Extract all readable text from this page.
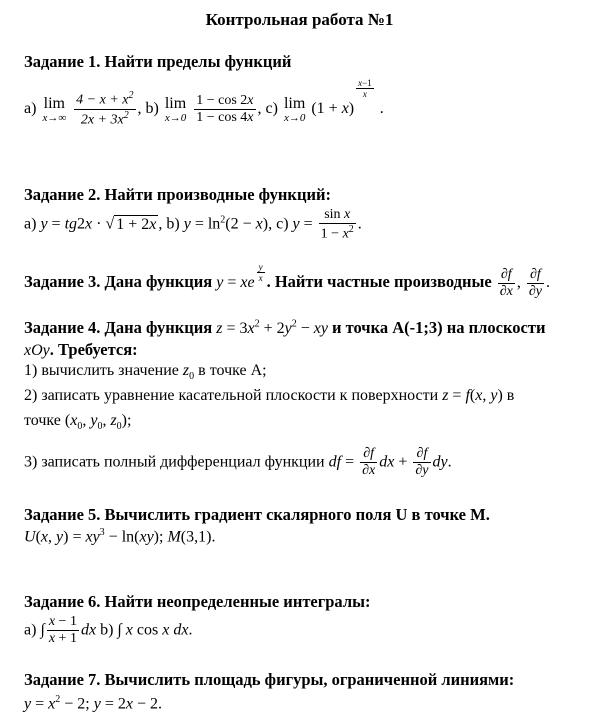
Контрольная работа №1
Задание 1. Найти пределы функций
a) lim
x→∞
$\frac{4 - x + x^2}{2x + 3x^2}$ , b) lim
x→0
$\frac{1 - \cos 2x}{1 - \cos 4x}$ , c) lim
x→0
(1 + x)
$^{\frac{x-1}{x}}$
.
Задание 2. Найти производные функций:
a) y = tg2x · √ 1 + 2x , b) $y = \ln^2(2 - x)$, c) $y = \frac{\text{sin x}}{1 - x^2}$ .
Задание 3. Дана функция y = xe $^{\frac{y}{x}}$ . Найти частные производные $\frac{\partial f}{\partial x}$ , $\frac{\partial f}{\partial y}$ .
Задание 4. Дана функция $z = 3x^2 + 2y^2$ − xy и точка A(-1;3) на плоскости
xOy. Требуется:
1) вычислить значение $z_0$ в точке A;
2) записать уравнение касательной плоскости к поверхности z = f(x, y) в
точке ($x_0$, $y_0$, $z_0$);
3) записать полный дифференциал функции df = $\frac{\partial f}{\partial x}$ dx + $\frac{\partial f}{\partial y}$ dy.
Задание 5. Вычислить градиент скалярного поля U в точке M.
U(x, $y) = xy^3 - \ln(xy)$; M(3,1).
Задание 6. Найти неопределенные интегралы:
a) ∫ $\frac{x - 1}{x + 1}$ dx b) ∫ x cos x dx.
Задание 7. Вычислить площадь фигуры, ограниченной линиями:
$y = x^2 - 2$; y = 2x − 2.
